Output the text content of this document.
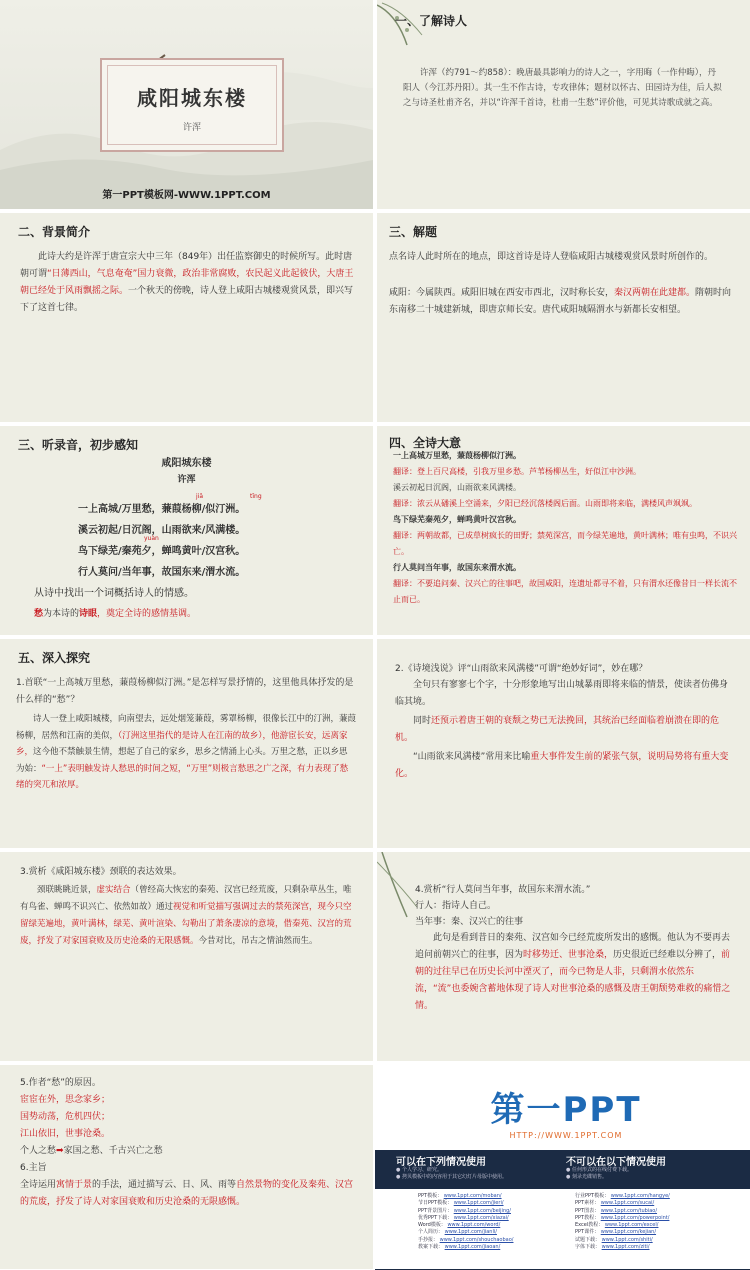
咸阳城东楼
许浑
第一PPT模板网-WWW.1PPT.COM
一、了解诗人
许浑（约791～约858）：晚唐最具影响力的诗人之一，字用晦（一作仲晦），丹阳人（今江苏丹阳）。其一生不作古诗，专攻律体；题材以怀古、田园诗为佳，后人拟之与诗圣杜甫齐名，并以“许浑千首诗，杜甫一生愁”评价他，可见其诗歌成就之高。
二、背景简介
此诗大约是许浑于唐宣宗大中三年（849年）出任监察御史的时候所写。此时唐朝可谓“日薄西山，气息奄奄”国力衰微，政治非常腐败，农民起义此起彼伏，大唐王朝已经处于风雨飘摇之际。一个秋天的傍晚，诗人登上咸阳古城楼观赏风景，即兴写下了这首七律。
三、解题
点名诗人此时所在的地点，即这首诗是诗人登临咸阳古城楼观赏风景时所创作的。
咸阳：今属陕西。咸阳旧城在西安市西北，汉时称长安，秦汉两朝在此建都。隋朝时向东南移二十城建新城，即唐京师长安。唐代咸阳城隔渭水与新都长安相望。
三、听录音，初步感知
咸阳城东楼
许浑
jiā	tīng
yuàn
一上高城/万里愁，蒹葭杨柳/似汀洲。
溪云初起/日沉阁，山雨欲来/风满楼。
鸟下绿芜/秦苑夕，蝉鸣黄叶/汉宫秋。
行人莫问/当年事，故国东来/渭水流。
从诗中找出一个词概括诗人的情感。
愁为本诗的诗眼，奠定全诗的感情基调。
四、全诗大意
一上高城万里愁，蒹葭杨柳似汀洲。
翻译：登上百尺高楼，引我万里乡愁。芦苇杨柳丛生，好似江中沙洲。
溪云初起日沉阁，山雨欲来风满楼。
翻译：浓云从磻溪上空涌来，夕阳已经沉落楼阁后面。山雨即将来临，满楼风声飒飒。
鸟下绿芜秦苑夕，蝉鸣黄叶汉宫秋。
翻译：两朝故都，已成草树疯长的田野；禁苑深宫，而今绿芜遍地，黄叶满林；唯有虫鸣，不识兴亡。
行人莫问当年事，故国东来渭水流。
翻译：不要追问秦、汉兴亡的往事吧，故国咸阳，连遗址都寻不着，只有渭水还像昔日一样长流不止而已。
五、深入探究
1.首联“一上高城万里愁，蒹葭杨柳似汀洲。”是怎样写景抒情的，这里他具体抒发的是什么样的“愁”？
诗人一登上咸阳城楼，向南望去，远处烟笼蒹葭，雾罩杨柳，很像长江中的汀洲，蒹葭杨柳，居然和江南的美似，（汀洲这里指代的是诗人在江南的故乡），他游宦长安，远离家乡，这今他不禁触景生情，想起了自己的家乡，思乡之情涌上心头。万里之愁，正以乡思为始：“一上”表明触发诗人愁思的时间之短，“万里”则极言愁思之广之深，有力表现了愁绪的突兀和浓厚。
2.《诗境浅说》评“山雨欲来风满楼”可谓“绝妙好词”，妙在哪？
全句只有寥寥七个字，十分形象地写出山城暴雨即将来临的情景，使读者仿佛身临其境。
同时还预示着唐王朝的衰颓之势已无法挽回，其统治已经面临着崩溃在即的危机。
“山雨欲来风满楼”常用来比喻重大事件发生前的紧张气氛，说明局势将有重大变化。
3.赏析《咸阳城东楼》颈联的表达效果。
颈联眺眺近景，虚实结合（曾经高大恢宏的秦苑、汉宫已经荒废，只剩杂草丛生，唯有鸟雀、蝉鸣不识兴亡、依然如故）通过视觉和听觉描写强调过去的禁苑深宫，现今只空留绿芜遍地，黄叶满林，绿芜、黄叶渲染、勾勒出了萧条凄凉的意境，借秦苑、汉宫的荒废，抒发了对家国衰败及历史沧桑的无限感慨。今昔对比，吊古之情油然而生。
4.赏析“行人莫问当年事，故国东来渭水流。”
行人：指诗人自己。
当年事：秦、汉兴亡的往事
此句是看到昔日的秦苑、汉宫如今已经荒废所发出的感慨。他认为不要再去追问前朝兴亡的往事，因为时移势迁、世事沧桑，历史很近已经难以分辨了，前朝的过往早已在历史长河中湮灭了，而今已物是人非，只剩渭水依然东流，“流”也委婉含蓄地体现了诗人对世事沧桑的感慨及唐王朝颓势难救的痛惜之情。
5.作者“愁”的原因。
宦宦在外，思念家乡；
国势动荡，危机四伏；
江山依旧，世事沧桑。
个人之愁➡家国之愁、千古兴亡之愁
6.主旨
全诗运用寓情于景的手法，通过描写云、日、风、雨等自然景物的变化及秦苑、汉宫的荒废，抒发了诗人对家国衰败和历史沧桑的无限感慨。
第一PPT
HTTP://WWW.1PPT.COM
可以在下列情况使用	不可以在以下情况使用
● 个人学习、研究。
● 拷贝模板中的内容用于其它幻灯片母版中使用。
● 任何形式的在线付费下载。
● 刻录光碟销售。
PPT模板： www.1ppt.com/moban/
节日PPT模板： www.1ppt.com/jieri/
PPT背景图片： www.1ppt.com/beijing/
优秀PPT下载： www.1ppt.com/xiazai/
Word模板： www.1ppt.com/word/
个人简历： www.1ppt.com/jianli/
手抄报： www.1ppt.com/shouchaobao/
教案下载： www.1ppt.com/jiaoan/
行业PPT模板： www.1ppt.com/hangye/
PPT素材： www.1ppt.com/sucai/
PPT图表： www.1ppt.com/tubiao/
PPT教程： www.1ppt.com/powerpoint/
Excel教程： www.1ppt.com/excel/
PPT课件： www.1ppt.com/kejian/
试题下载： www.1ppt.com/shiti/
字体下载： www.1ppt.com/ziti/
